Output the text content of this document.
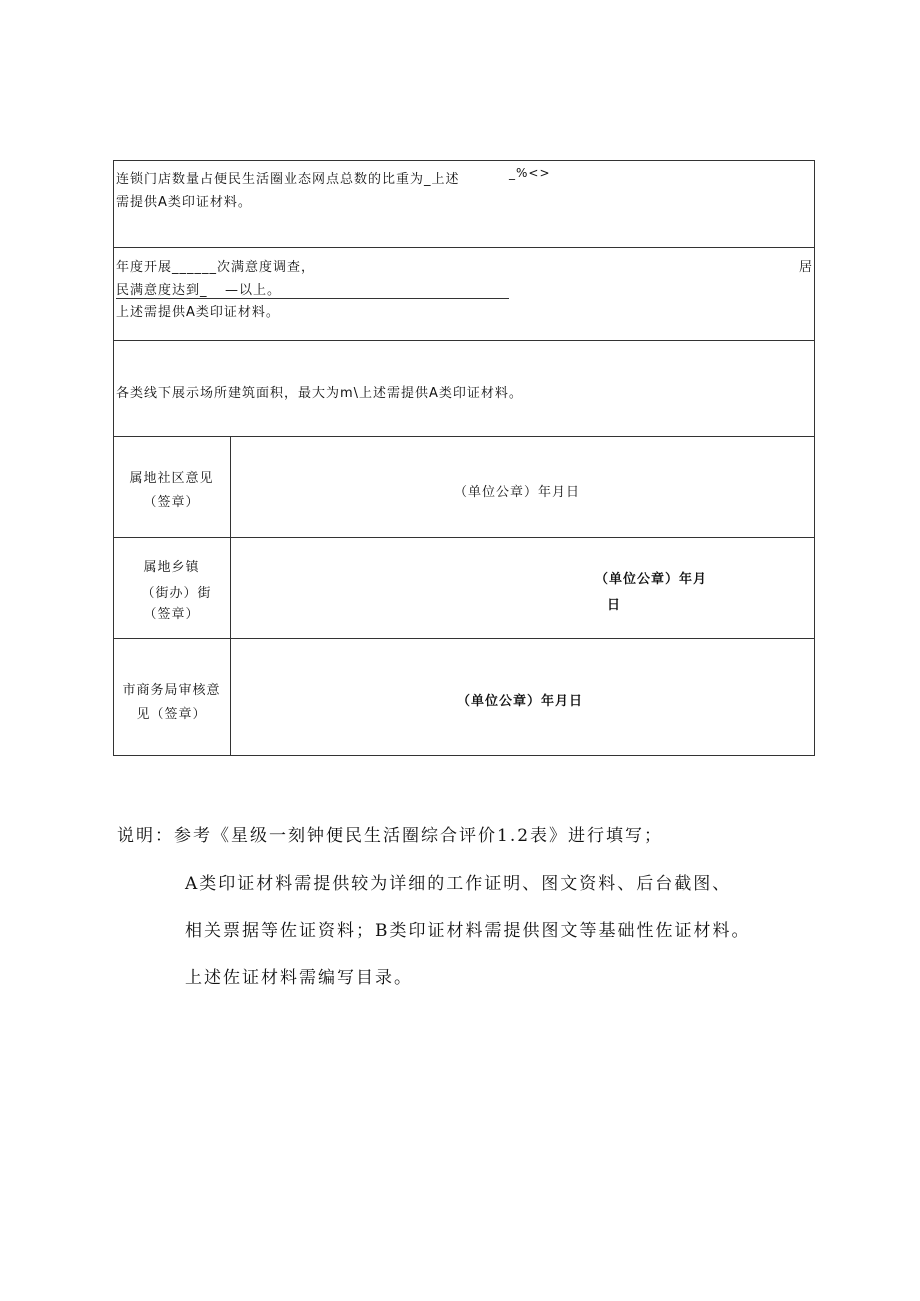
连锁门店数量占便民生活圈业态网点总数的比重为_上述	_%<>
需提供A类印证材料。
年度开展______次满意度调查，	居
民满意度达到_ —以上。
上述需提供A类印证材料。
各类线下展示场所建筑面积，最大为m\上述需提供A类印证材料。
属地社区意见
（签章）
（单位公章）年月日
属地乡镇
（街办）街
（签章）
（单位公章）年月
日
市商务局审核意
见（签章）
（单位公章）年月日
说明：参考《星级一刻钟便民生活圈综合评价1.2表》进行填写；
A类印证材料需提供较为详细的工作证明、图文资料、后台截图、
相关票据等佐证资料；B类印证材料需提供图文等基础性佐证材料。
上述佐证材料需编写目录。
